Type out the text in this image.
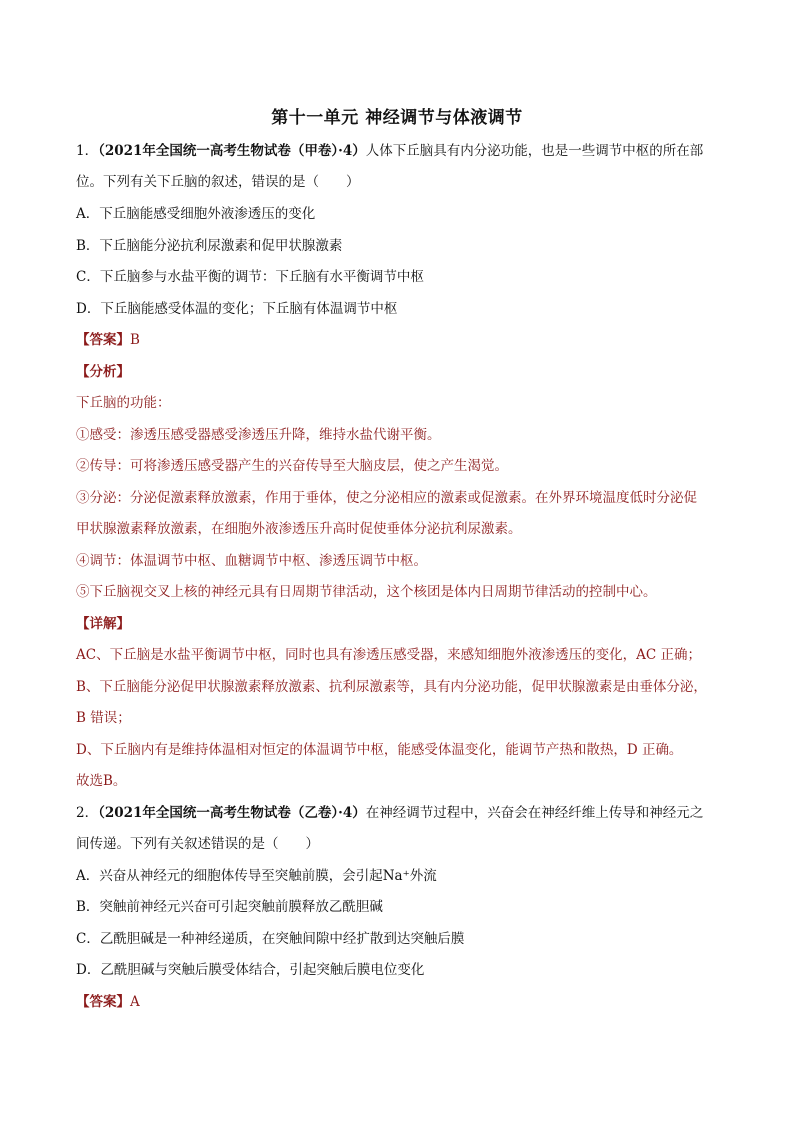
第十一单元 神经调节与体液调节
1．（2021年全国统一高考生物试卷（甲卷）·4）人体下丘脑具有内分泌功能，也是一些调节中枢的所在部
位。下列有关下丘脑的叙述，错误的是（　　）
A．下丘脑能感受细胞外液渗透压的变化
B．下丘脑能分泌抗利尿激素和促甲状腺激素
C．下丘脑参与水盐平衡的调节：下丘脑有水平衡调节中枢
D．下丘脑能感受体温的变化；下丘脑有体温调节中枢
【答案】B
【分析】
下丘脑的功能：
①感受：渗透压感受器感受渗透压升降，维持水盐代谢平衡。
②传导：可将渗透压感受器产生的兴奋传导至大脑皮层，使之产生渴觉。
③分泌：分泌促激素释放激素，作用于垂体，使之分泌相应的激素或促激素。在外界环境温度低时分泌促
甲状腺激素释放激素，在细胞外液渗透压升高时促使垂体分泌抗利尿激素。
④调节：体温调节中枢、血糖调节中枢、渗透压调节中枢。
⑤下丘脑视交叉上核的神经元具有日周期节律活动，这个核团是体内日周期节律活动的控制中心。
【详解】
AC、下丘脑是水盐平衡调节中枢，同时也具有渗透压感受器，来感知细胞外液渗透压的变化，AC 正确；
B、下丘脑能分泌促甲状腺激素释放激素、抗利尿激素等，具有内分泌功能，促甲状腺激素是由垂体分泌，
B 错误；
D、下丘脑内有是维持体温相对恒定的体温调节中枢，能感受体温变化，能调节产热和散热，D 正确。
故选B。
2．（2021年全国统一高考生物试卷（乙卷）·4）在神经调节过程中，兴奋会在神经纤维上传导和神经元之
间传递。下列有关叙述错误的是（　　）
A．兴奋从神经元的细胞体传导至突触前膜，会引起Na⁺外流
B．突触前神经元兴奋可引起突触前膜释放乙酰胆碱
C．乙酰胆碱是一种神经递质，在突触间隙中经扩散到达突触后膜
D．乙酰胆碱与突触后膜受体结合，引起突触后膜电位变化
【答案】A
